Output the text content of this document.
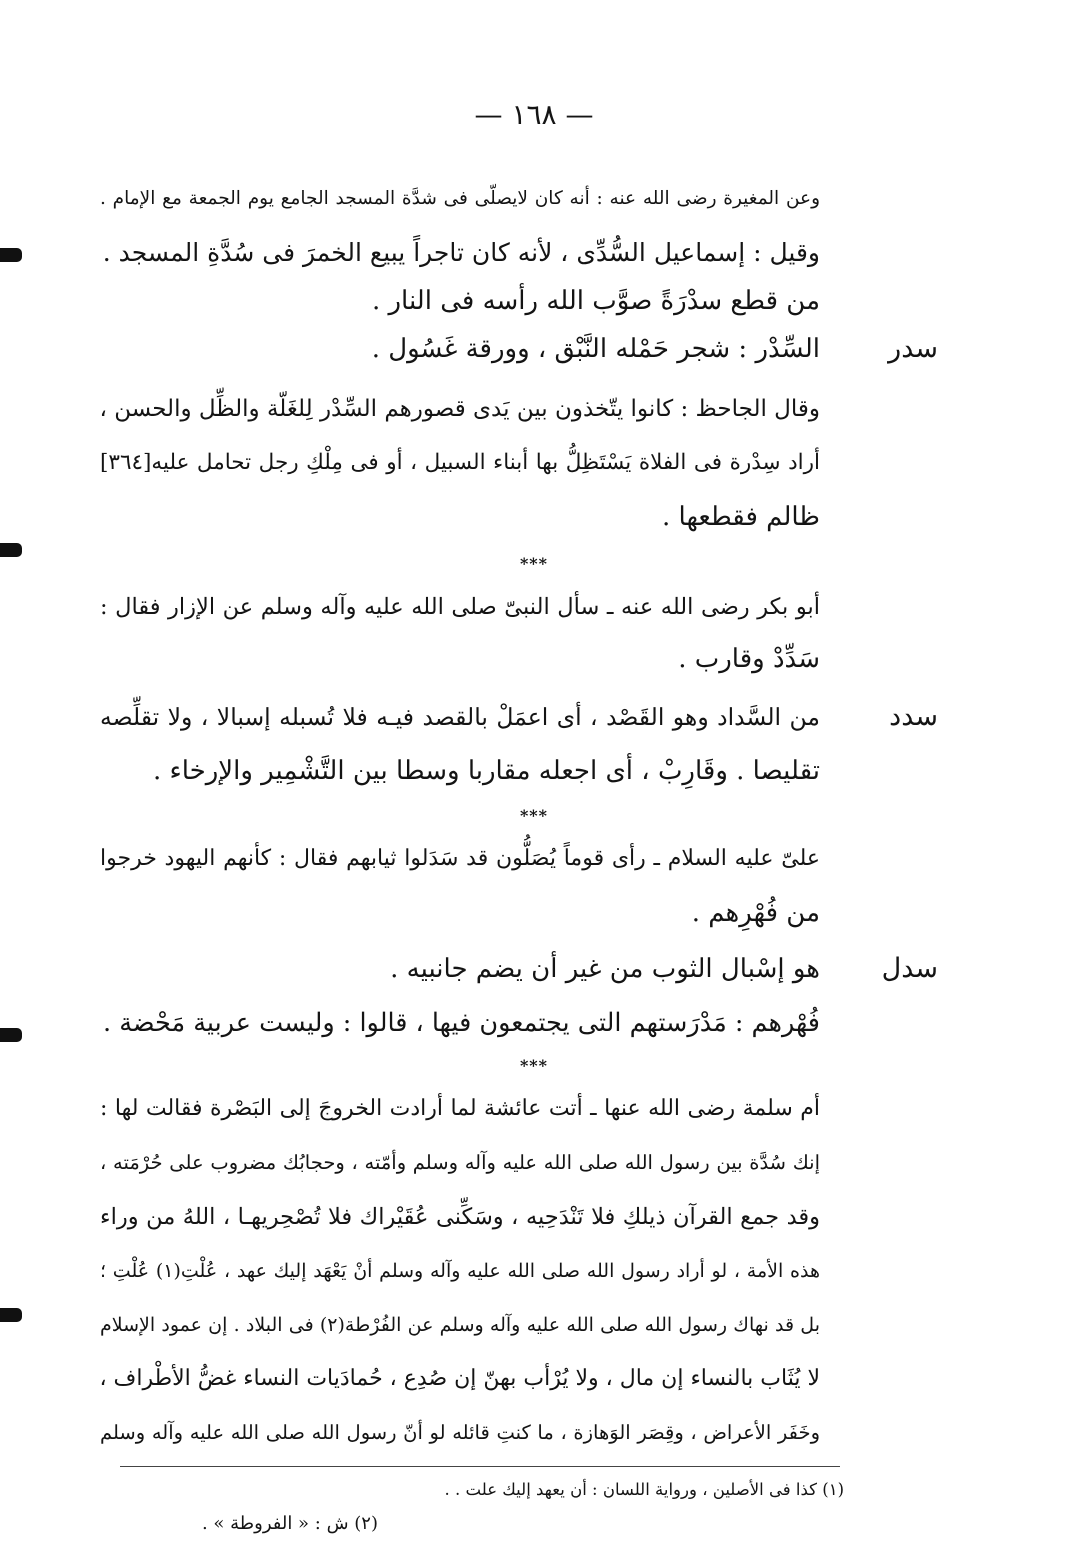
— ١٦٨ —
وعن المغيرة رضى الله عنه : أنه كان لايصلّى فى شدَّة المسجد الجامع يوم الجمعة مع الإمام .
وقيل : إسماعيل السُّدِّى ، لأنه كان تاجراً يبيع الخمرَ فى سُدَّةِ المسجد .
من قطع سدْرَةً صوَّب الله رأسه فى النار .
سدر
السِّدْر : شجر حَمْله النَّبْق ، وورقة غَسُول .
وقال الجاحظ : كانوا يتّخذون بين يَدى قصورهم السِّدْر لِلغَلّة والظِّل والحسن ،
أراد سِدْرة فى الفلاة يَسْتَظِلُّ بها أبناء السبيل ، أو فى مِلْكِ رجل تحامل عليه[٣٦٤]
ظالم فقطعها .
***
أبو بكر رضى الله عنه ـ سأل النبىّ صلى الله عليه وآله وسلم عن الإزار فقال :
سَدِّدْ وقارب .
سدد
من السَّداد وهو القَصْد ، أى اعمَلْ بالقصد فيـه فلا تُسبله إسبالا ، ولا تقلِّصه
تقليصا . وقَارِبْ ، أى اجعله مقاربا وسطا بين التَّشْمِير والإرخاء .
***
علىّ عليه السلام ـ رأى قوماً يُصَلُّون قد سَدَلوا ثيابهم فقال : كأنهم اليهود خرجوا
من فُهْرِهم .
سدل
هو إسْبال الثوب من غير أن يضم جانبيه .
فُهْرهم : مَدْرَستهم التى يجتمعون فيها ، قالوا : وليست عربية مَحْضة .
***
أم سلمة رضى الله عنها ـ أتت عائشة لما أرادت الخروجَ إلى البَصْرة فقالت لها :
إنك سُدَّة بين رسول الله صلى الله عليه وآله وسلم وأمّته ، وحجابُك مضروب على حُرْمَته ،
وقد جمع القرآن ذيلكِ فلا تَنْدَحِيه ، وسَكِّنى عُقَيْراك فلا تُصْحِريهـا ، اللهُ من وراء
هذه الأمة ، لو أراد رسول الله صلى الله عليه وآله وسلم أنْ يَعْهَد إليك عهد ، عُلْتِ(١) عُلْتِ ؛
بل قد نهاك رسول الله صلى الله عليه وآله وسلم عن الفُرْطة(٢) فى البلاد . إن عمود الإسلام
لا يُثَاب بالنساء إن مال ، ولا يُرْأب بهنّ إن صُدِع ، حُمادَيات النساء غضُّ الأطْراف ،
وخَفَر الأعراض ، وقِصَر الوَهازة ، ما كنتِ قائله لو أنّ رسول الله صلى الله عليه وآله وسلم
(١) كذا فى الأصلين ، ورواية اللسان : أن يعهد إليك علت . .
(٢) ش : « الفروطة » .
